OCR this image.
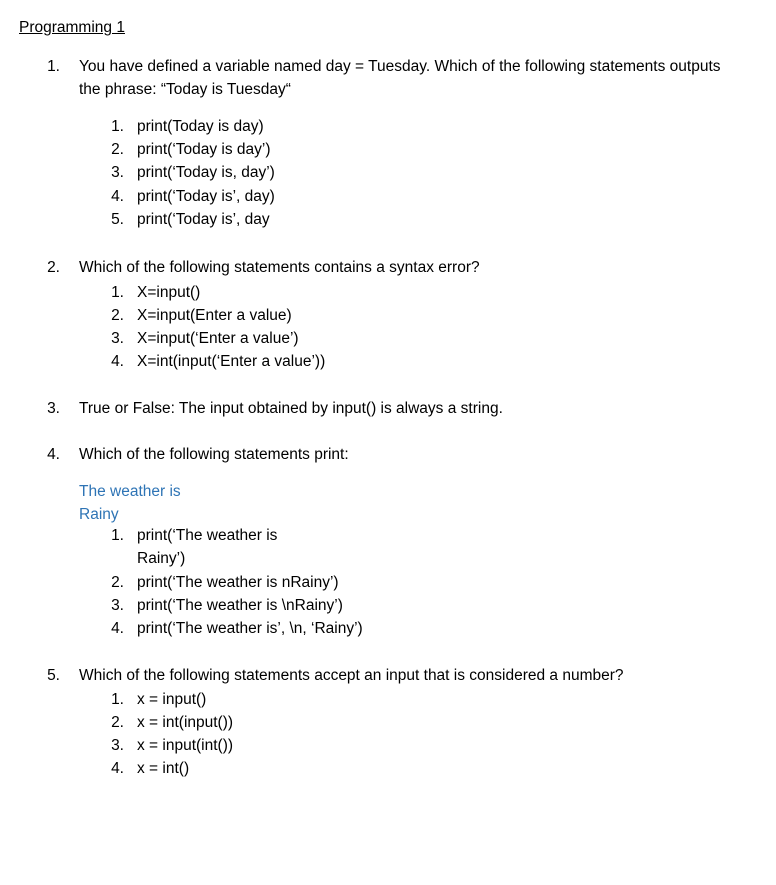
Programming 1
1. You have defined a variable named day = Tuesday. Which of the following statements outputs
the phrase: “Today is Tuesday“
1. print(Today is day)
2. print(‘Today is day’)
3. print(‘Today is, day’)
4. print(‘Today is’, day)
5. print(‘Today is’, day
2. Which of the following statements contains a syntax error?
1. X=input()
2. X=input(Enter a value)
3. X=input(‘Enter a value’)
4. X=int(input(‘Enter a value’))
3. True or False: The input obtained by input() is always a string.
4. Which of the following statements print:
The weather is
Rainy
1. print(‘The weather is
Rainy’)
2. print(‘The weather is nRainy’)
3. print(‘The weather is \nRainy’)
4. print(‘The weather is’, \n, ‘Rainy’)
5. Which of the following statements accept an input that is considered a number?
1. x = input()
2. x = int(input())
3. x = input(int())
4. x = int()
